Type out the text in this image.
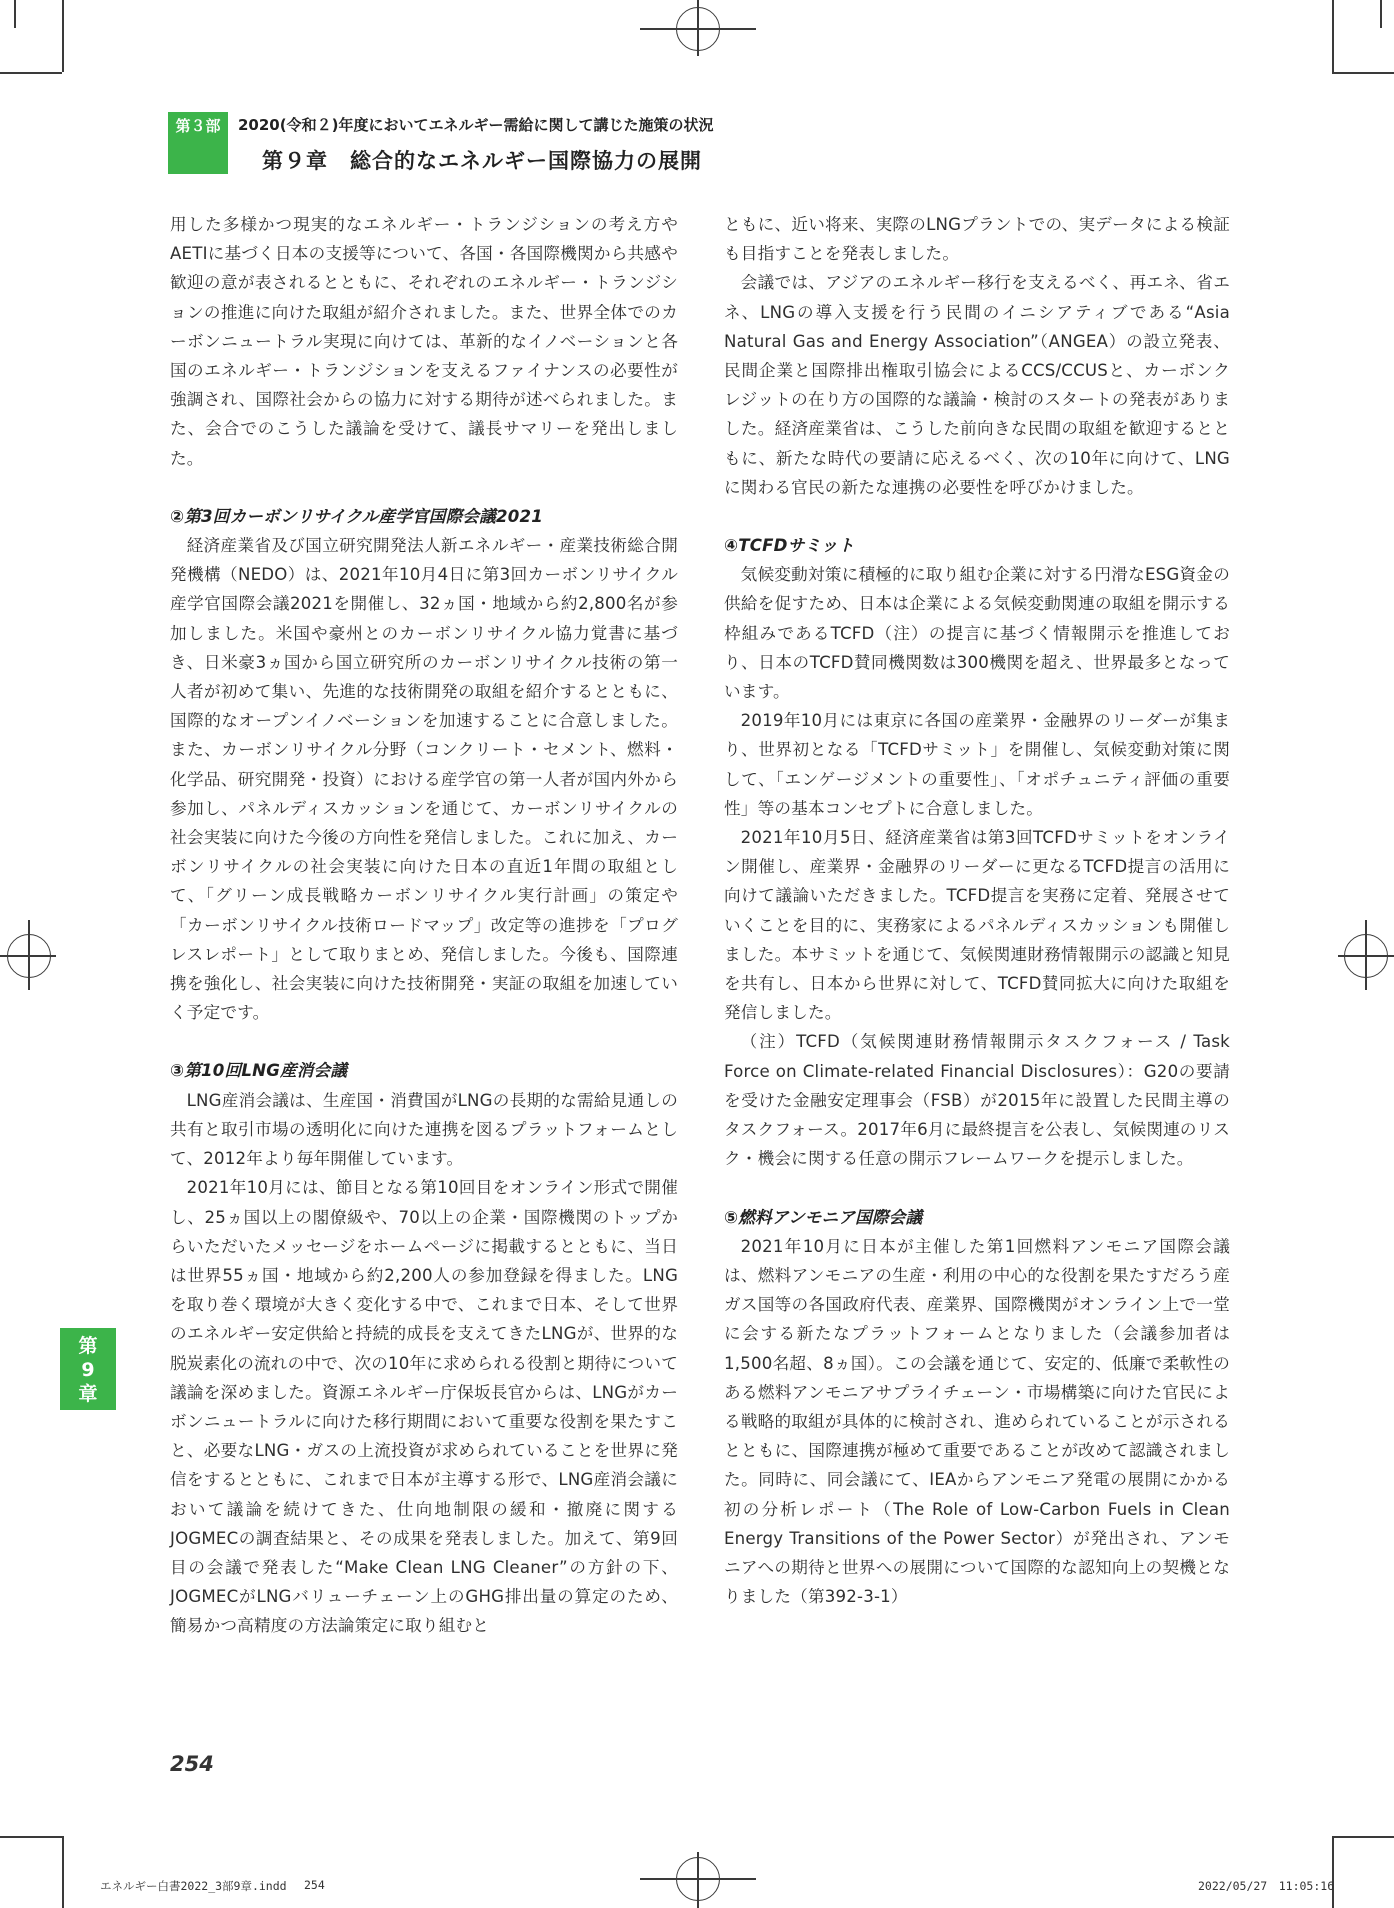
第３部	2020(令和２)年度においてエネルギー需給に関して講じた施策の状況
第９章　総合的なエネルギー国際協力の展開

用した多様かつ現実的なエネルギー・トランジションの考え方やAETIに基づく日本の支援等について、各国・各国際機関から共感や歓迎の意が表されるとともに、それぞれのエネルギー・トランジションの推進に向けた取組が紹介されました。また、世界全体でのカーボンニュートラル実現に向けては、革新的なイノベーションと各国のエネルギー・トランジションを支えるファイナンスの必要性が強調され、国際社会からの協力に対する期待が述べられました。また、会合でのこうした議論を受けて、議長サマリーを発出しました。

②第3回カーボンリサイクル産学官国際会議2021

経済産業省及び国立研究開発法人新エネルギー・産業技術総合開発機構（NEDO）は、2021年10月4日に第3回カーボンリサイクル産学官国際会議2021を開催し、32ヵ国・地域から約2,800名が参加しました。米国や豪州とのカーボンリサイクル協力覚書に基づき、日米豪3ヵ国から国立研究所のカーボンリサイクル技術の第一人者が初めて集い、先進的な技術開発の取組を紹介するとともに、国際的なオープンイノベーションを加速することに合意しました。また、カーボンリサイクル分野（コンクリート・セメント、燃料・化学品、研究開発・投資）における産学官の第一人者が国内外から参加し、パネルディスカッションを通じて、カーボンリサイクルの社会実装に向けた今後の方向性を発信しました。これに加え、カーボンリサイクルの社会実装に向けた日本の直近1年間の取組として、「グリーン成長戦略カーボンリサイクル実行計画」の策定や「カーボンリサイクル技術ロードマップ」改定等の進捗を「プログレスレポート」として取りまとめ、発信しました。今後も、国際連携を強化し、社会実装に向けた技術開発・実証の取組を加速していく予定です。

③第10回LNG産消会議

LNG産消会議は、生産国・消費国がLNGの長期的な需給見通しの共有と取引市場の透明化に向けた連携を図るプラットフォームとして、2012年より毎年開催しています。

2021年10月には、節目となる第10回目をオンライン形式で開催し、25ヵ国以上の閣僚級や、70以上の企業・国際機関のトップからいただいたメッセージをホームページに掲載するとともに、当日は世界55ヵ国・地域から約2,200人の参加登録を得ました。LNGを取り巻く環境が大きく変化する中で、これまで日本、そして世界のエネルギー安定供給と持続的成長を支えてきたLNGが、世界的な脱炭素化の流れの中で、次の10年に求められる役割と期待について議論を深めました。資源エネルギー庁保坂長官からは、LNGがカーボンニュートラルに向けた移行期間において重要な役割を果たすこと、必要なLNG・ガスの上流投資が求められていることを世界に発信をするとともに、これまで日本が主導する形で、LNG産消会議において議論を続けてきた、仕向地制限の緩和・撤廃に関するJOGMECの調査結果と、その成果を発表しました。加えて、第9回目の会議で発表した“Make Clean LNG Cleaner”の方針の下、JOGMECがLNGバリューチェーン上のGHG排出量の算定のため、簡易かつ高精度の方法論策定に取り組むと

ともに、近い将来、実際のLNGプラントでの、実データによる検証も目指すことを発表しました。

会議では、アジアのエネルギー移行を支えるべく、再エネ、省エネ、LNGの導入支援を行う民間のイニシアティブである“Asia Natural Gas and Energy Association”（ANGEA）の設立発表、民間企業と国際排出権取引協会によるCCS/CCUSと、カーボンクレジットの在り方の国際的な議論・検討のスタートの発表がありました。経済産業省は、こうした前向きな民間の取組を歓迎するとともに、新たな時代の要請に応えるべく、次の10年に向けて、LNGに関わる官民の新たな連携の必要性を呼びかけました。

④TCFDサミット

気候変動対策に積極的に取り組む企業に対する円滑なESG資金の供給を促すため、日本は企業による気候変動関連の取組を開示する枠組みであるTCFD（注）の提言に基づく情報開示を推進しており、日本のTCFD賛同機関数は300機関を超え、世界最多となっています。

2019年10月には東京に各国の産業界・金融界のリーダーが集まり、世界初となる「TCFDサミット」を開催し、気候変動対策に関して、「エンゲージメントの重要性」、「オポチュニティ評価の重要性」等の基本コンセプトに合意しました。

2021年10月5日、経済産業省は第3回TCFDサミットをオンライン開催し、産業界・金融界のリーダーに更なるTCFD提言の活用に向けて議論いただきました。TCFD提言を実務に定着、発展させていくことを目的に、実務家によるパネルディスカッションも開催しました。本サミットを通じて、気候関連財務情報開示の認識と知見を共有し、日本から世界に対して、TCFD賛同拡大に向けた取組を発信しました。

（注）TCFD（気候関連財務情報開示タスクフォース / Task Force on Climate-related Financial Disclosures）：G20の要請を受けた金融安定理事会（FSB）が2015年に設置した民間主導のタスクフォース。2017年6月に最終提言を公表し、気候関連のリスク・機会に関する任意の開示フレームワークを提示しました。

⑤燃料アンモニア国際会議

2021年10月に日本が主催した第1回燃料アンモニア国際会議は、燃料アンモニアの生産・利用の中心的な役割を果たすだろう産ガス国等の各国政府代表、産業界、国際機関がオンライン上で一堂に会する新たなプラットフォームとなりました（会議参加者は1,500名超、8ヵ国）。この会議を通じて、安定的、低廉で柔軟性のある燃料アンモニアサプライチェーン・市場構築に向けた官民による戦略的取組が具体的に検討され、進められていることが示されるとともに、国際連携が極めて重要であることが改めて認識されました。同時に、同会議にて、IEAからアンモニア発電の展開にかかる初の分析レポート（The Role of Low-Carbon Fuels in Clean Energy Transitions of the Power Sector）が発出され、アンモニアへの期待と世界への展開について国際的な認知向上の契機となりました（第392-3-1）

第
9
章
254
エネルギー白書2022_3部9章.indd 254	2022/05/27　11:05:16
